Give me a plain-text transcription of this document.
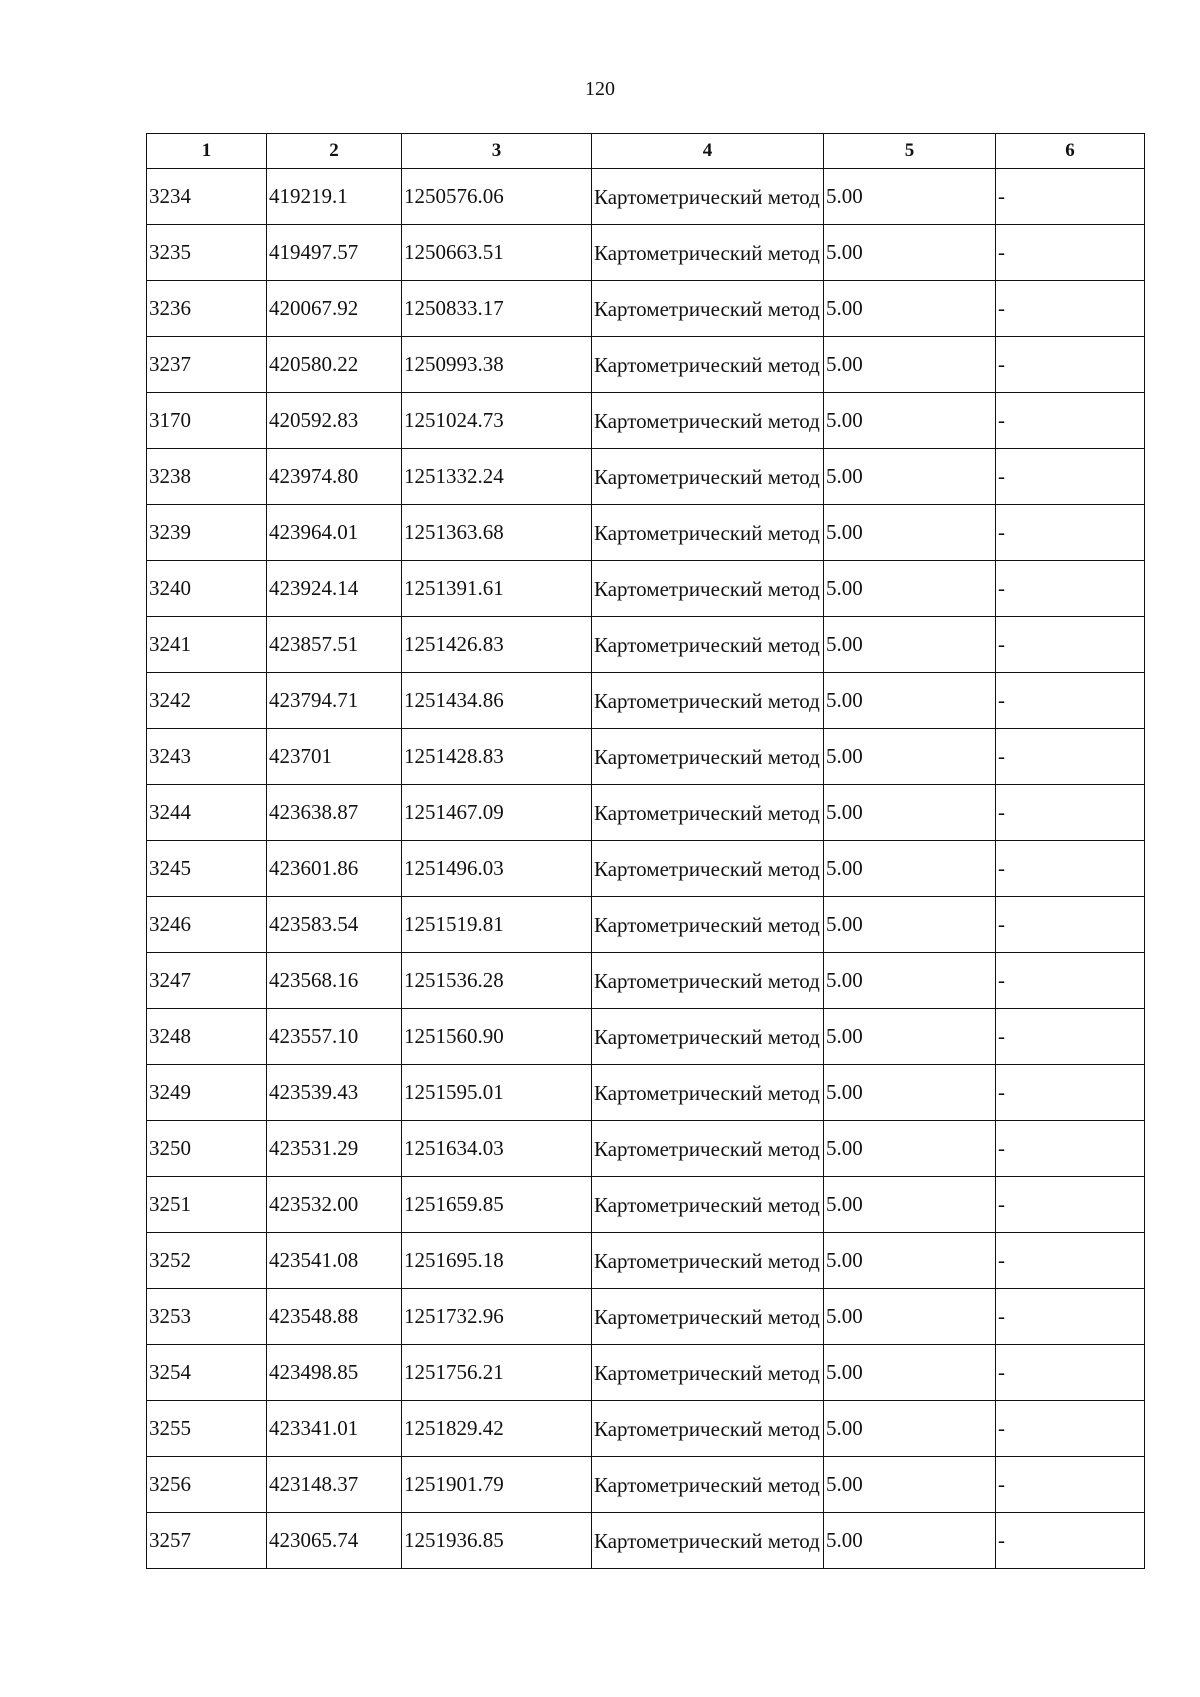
120
1	2	3	4	5	6
3234	419219.1	1250576.06	Картометрический метод	5.00	-
3235	419497.57	1250663.51	Картометрический метод	5.00	-
3236	420067.92	1250833.17	Картометрический метод	5.00	-
3237	420580.22	1250993.38	Картометрический метод	5.00	-
3170	420592.83	1251024.73	Картометрический метод	5.00	-
3238	423974.80	1251332.24	Картометрический метод	5.00	-
3239	423964.01	1251363.68	Картометрический метод	5.00	-
3240	423924.14	1251391.61	Картометрический метод	5.00	-
3241	423857.51	1251426.83	Картометрический метод	5.00	-
3242	423794.71	1251434.86	Картометрический метод	5.00	-
3243	423701	1251428.83	Картометрический метод	5.00	-
3244	423638.87	1251467.09	Картометрический метод	5.00	-
3245	423601.86	1251496.03	Картометрический метод	5.00	-
3246	423583.54	1251519.81	Картометрический метод	5.00	-
3247	423568.16	1251536.28	Картометрический метод	5.00	-
3248	423557.10	1251560.90	Картометрический метод	5.00	-
3249	423539.43	1251595.01	Картометрический метод	5.00	-
3250	423531.29	1251634.03	Картометрический метод	5.00	-
3251	423532.00	1251659.85	Картометрический метод	5.00	-
3252	423541.08	1251695.18	Картометрический метод	5.00	-
3253	423548.88	1251732.96	Картометрический метод	5.00	-
3254	423498.85	1251756.21	Картометрический метод	5.00	-
3255	423341.01	1251829.42	Картометрический метод	5.00	-
3256	423148.37	1251901.79	Картометрический метод	5.00	-
3257	423065.74	1251936.85	Картометрический метод	5.00	-
